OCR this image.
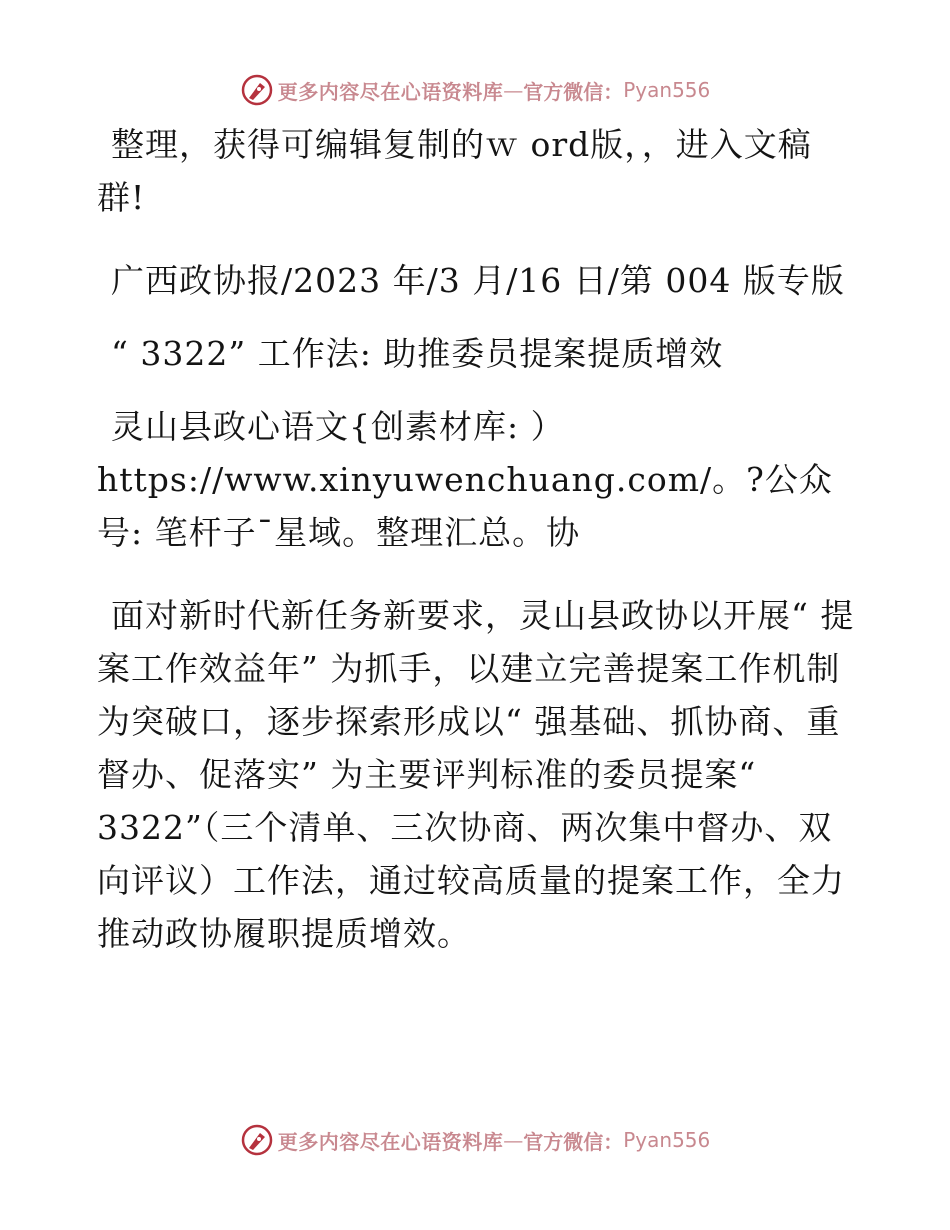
更多内容尽在心语资料库 — 官方微信： Pyan556

整理，获得可编辑复制的ｗ ord版，，进入文稿群!

广西政协报/2023 年/3 月/16 日/第 004 版专版

“ 3322” 工作法: 助推委员提案提质增效

灵山县政心语文{创素材库: ）https://www.xinyuwenchuang.com/。?公众号: 笔杆子¯星域。整理汇总。协

面对新时代新任务新要求，灵山县政协以开展“ 提案工作效益年” 为抓手，以建立完善提案工作机制为突破口，逐步探索形成以“ 强基础、抓协商、重督办、促落实” 为主要评判标准的委员提案“ 3322”（三个清单、三次协商、两次集中督办、双向评议）工作法，通过较高质量的提案工作，全力推动政协履职提质增效。

更多内容尽在心语资料库 — 官方微信： Pyan556
